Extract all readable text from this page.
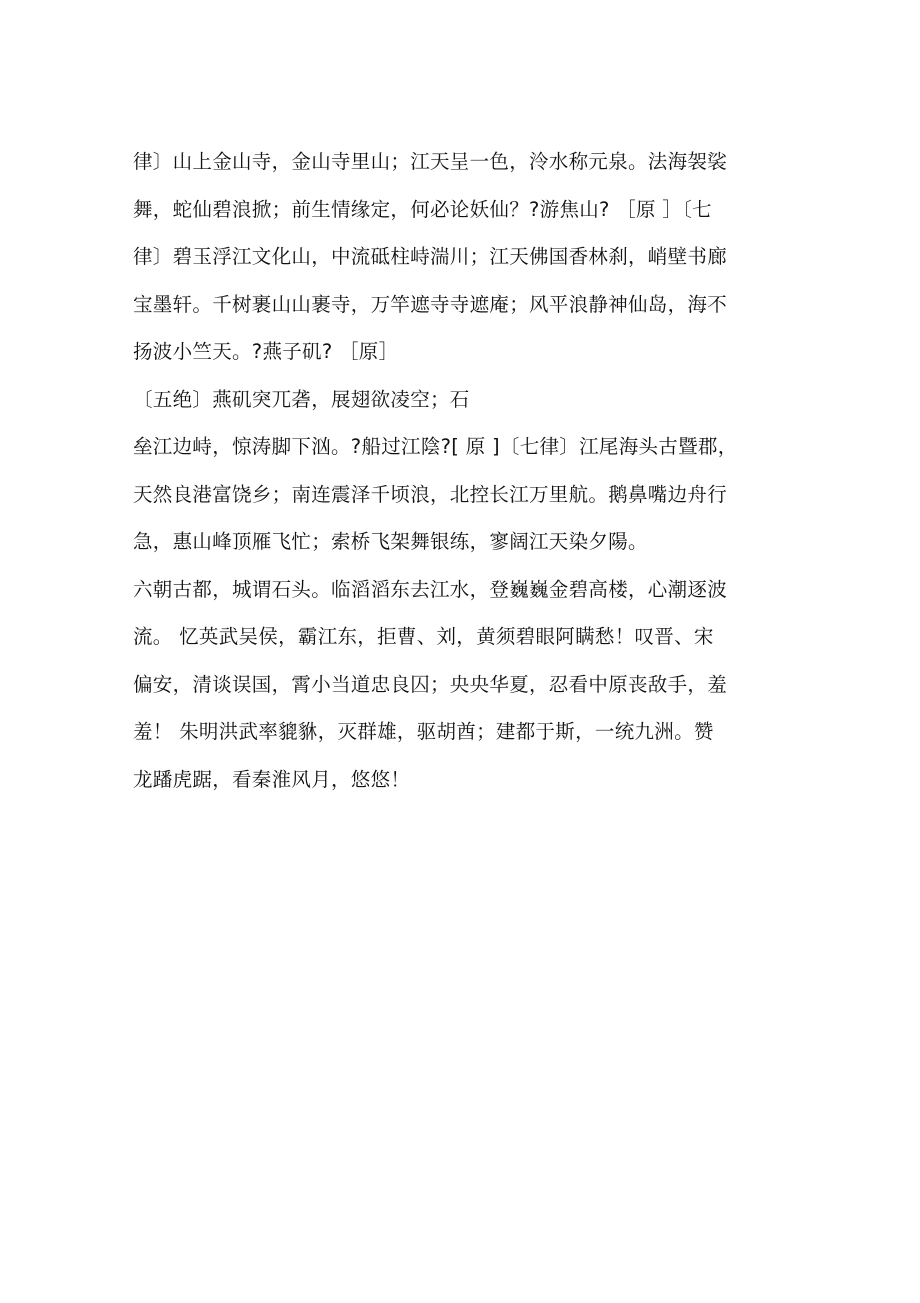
律〕山上金山寺，金山寺里山；江天呈一色，泠水称元泉。法海袈裟
舞，蛇仙碧浪掀；前生情缘定，何必论妖仙？?游焦山? ［原 ］〔七
律〕碧玉浮江文化山，中流砥柱峙湍川；江天佛国香林刹，峭壁书廊
宝墨轩。千树裹山山裹寺，万竿遮寺寺遮庵；风平浪静神仙岛，海不
扬波小竺天。?燕子矶? ［原］
〔五绝〕燕矶突兀砻，展翅欲凌空；石
垒江边峙，惊涛脚下汹。?船过江陰?[ 原 ]〔七律〕江尾海头古暨郡，
天然良港富饶乡；南连震泽千顷浪，北控长江万里航。鹅鼻嘴边舟行
急，惠山峰顶雁飞忙；索桥飞架舞银练，寥阔江天染夕陽。
六朝古都，城谓石头。临滔滔东去江水，登巍巍金碧高楼，心潮逐波
流。 忆英武吴侯，霸江东，拒曹、刘，黄须碧眼阿瞒愁！叹晋、宋
偏安，清谈误国，霄小当道忠良囚；央央华夏，忍看中原丧敌手，羞
羞！ 朱明洪武率貔貅，灭群雄，驱胡酋；建都于斯，一统九洲。赞
龙蹯虎踞，看秦淮风月，悠悠！
